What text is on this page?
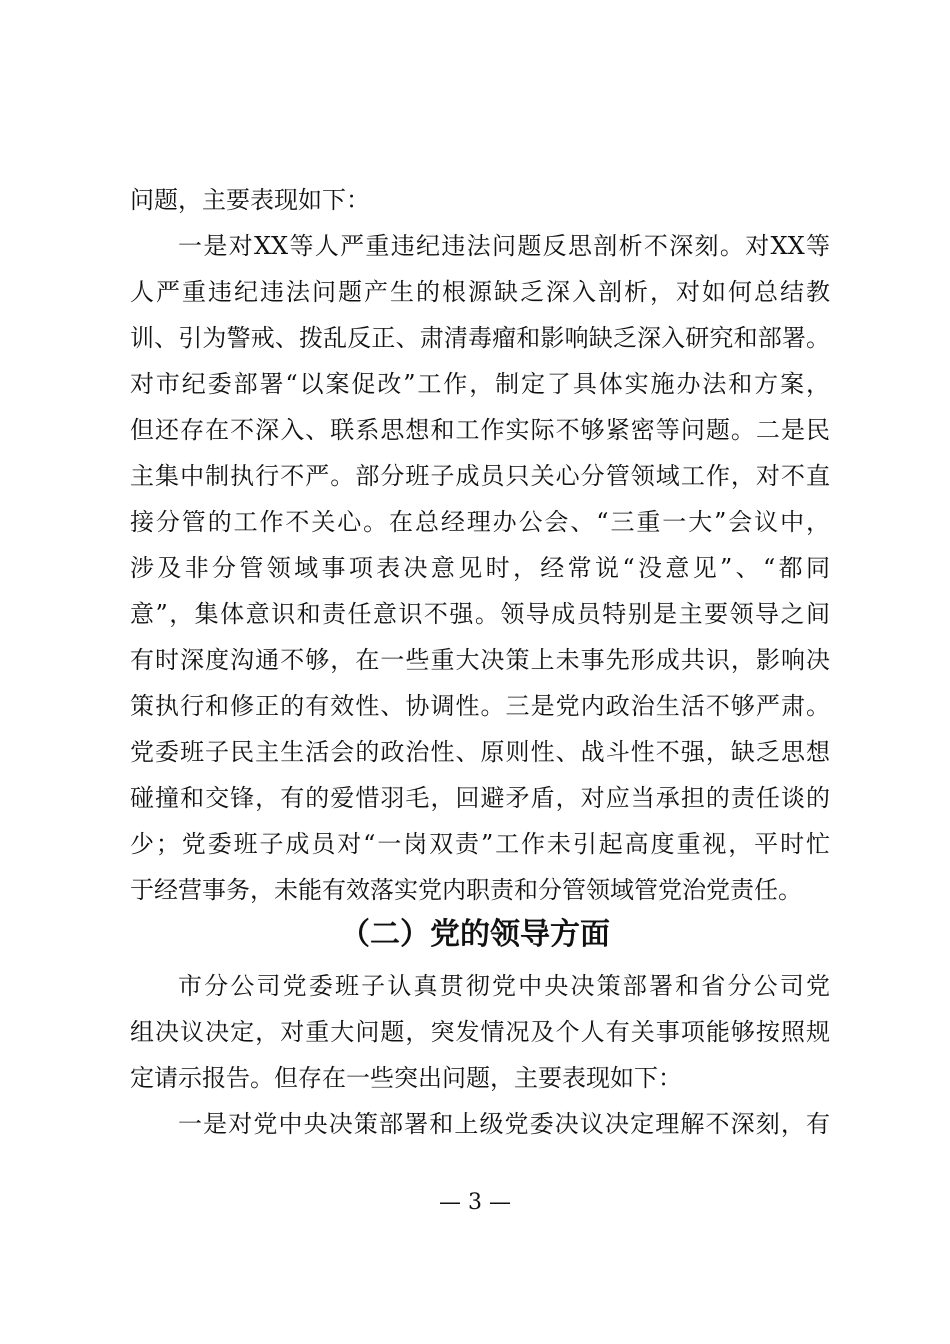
问题，主要表现如下：
一是对XX等人严重违纪违法问题反思剖析不深刻。对XX等
人严重违纪违法问题产生的根源缺乏深入剖析，对如何总结教
训、引为警戒、拨乱反正、肃清毒瘤和影响缺乏深入研究和部署。
对市纪委部署“以案促改”工作，制定了具体实施办法和方案，
但还存在不深入、联系思想和工作实际不够紧密等问题。二是民
主集中制执行不严。部分班子成员只关心分管领域工作，对不直
接分管的工作不关心。在总经理办公会、“三重一大”会议中，
涉及非分管领域事项表决意见时，经常说“没意见”、“都同
意”，集体意识和责任意识不强。领导成员特别是主要领导之间
有时深度沟通不够，在一些重大决策上未事先形成共识，影响决
策执行和修正的有效性、协调性。三是党内政治生活不够严肃。
党委班子民主生活会的政治性、原则性、战斗性不强，缺乏思想
碰撞和交锋，有的爱惜羽毛，回避矛盾，对应当承担的责任谈的
少；党委班子成员对“一岗双责”工作未引起高度重视，平时忙
于经营事务，未能有效落实党内职责和分管领域管党治党责任。
（二）党的领导方面
市分公司党委班子认真贯彻党中央决策部署和省分公司党
组决议决定，对重大问题，突发情况及个人有关事项能够按照规
定请示报告。但存在一些突出问题，主要表现如下：
一是对党中央决策部署和上级党委决议决定理解不深刻，有
— 3 —
